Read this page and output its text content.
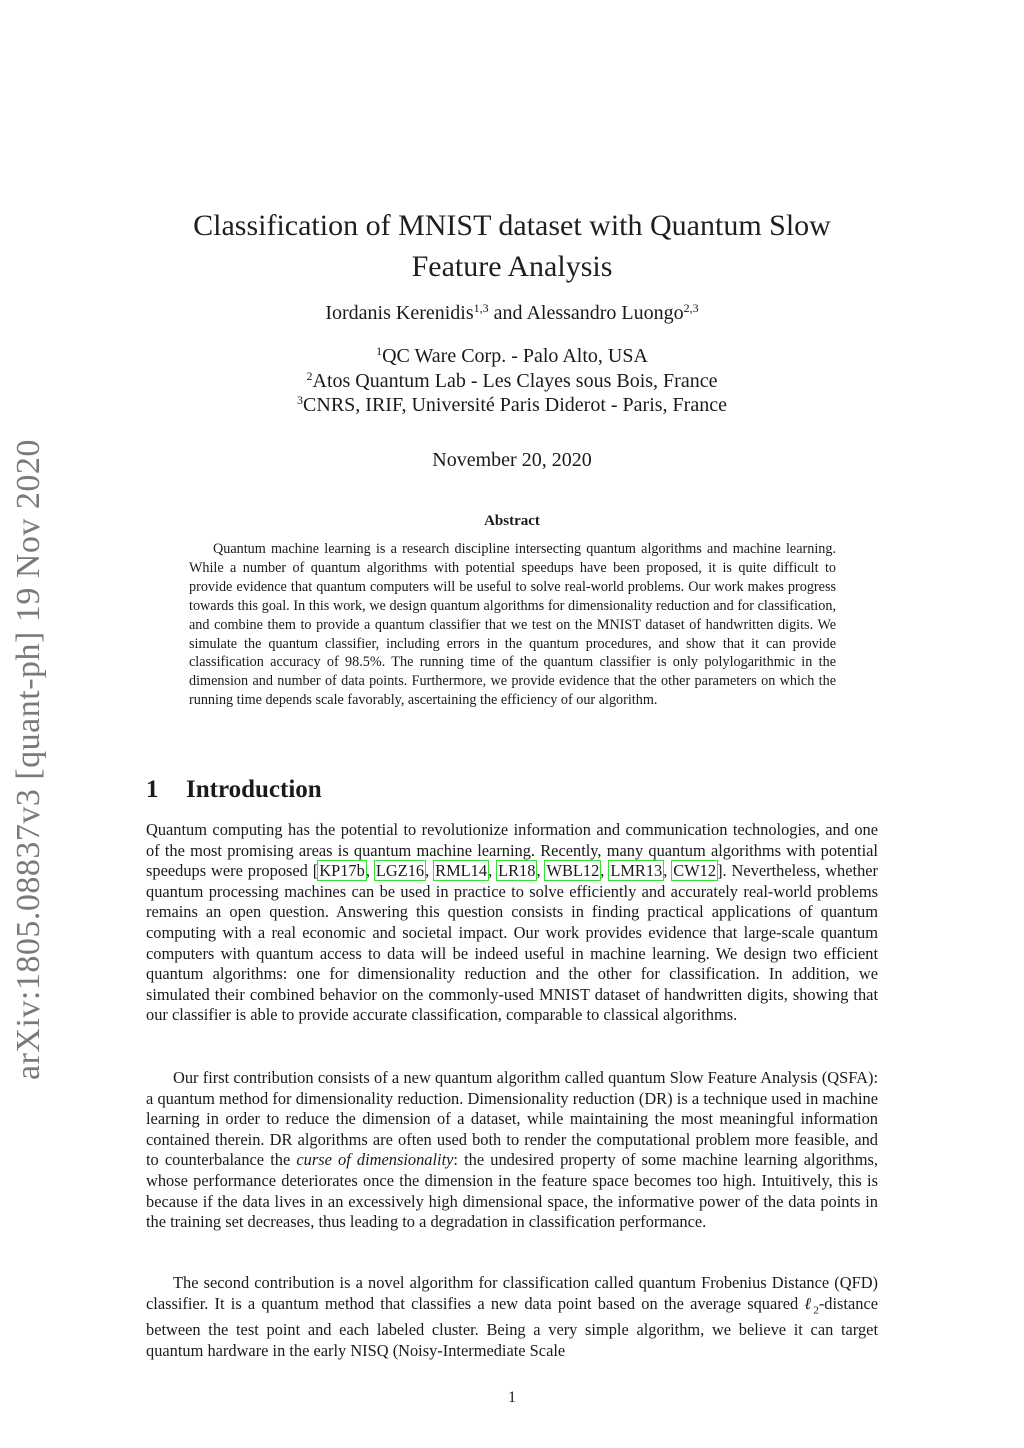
arXiv:1805.08837v3 [quant-ph] 19 Nov 2020
Classification of MNIST dataset with Quantum Slow Feature Analysis
Iordanis Kerenidis$^{1,3}$ and Alessandro Luongo$^{2,3}$
$^1$QC Ware Corp. - Palo Alto, USA
$^2$Atos Quantum Lab - Les Clayes sous Bois, France
$^3$CNRS, IRIF, Université Paris Diderot - Paris, France
November 20, 2020
Abstract

Quantum machine learning is a research discipline intersecting quantum algorithms and machine learning. While a number of quantum algorithms with potential speedups have been proposed, it is quite difficult to provide evidence that quantum computers will be useful to solve real-world problems. Our work makes progress towards this goal. In this work, we design quantum algorithms for dimensionality reduction and for classification, and combine them to provide a quantum classifier that we test on the MNIST dataset of handwritten digits. We simulate the quantum classifier, including errors in the quantum procedures, and show that it can provide classification accuracy of 98.5%. The running time of the quantum classifier is only polylogarithmic in the dimension and number of data points. Furthermore, we provide evidence that the other parameters on which the running time depends scale favorably, ascertaining the efficiency of our algorithm.

1 Introduction

Quantum computing has the potential to revolutionize information and communication technologies, and one of the most promising areas is quantum machine learning. Recently, many quantum algorithms with potential speedups were proposed [KP17b, LGZ16, RML14, LR18, WBL12, LMR13, CW12]. Nevertheless, whether quantum processing machines can be used in practice to solve efficiently and accurately real-world problems remains an open question. Answering this question consists in finding practical applications of quantum computing with a real economic and societal impact. Our work provides evidence that large-scale quantum computers with quantum access to data will be indeed useful in machine learning. We design two efficient quantum algorithms: one for dimensionality reduction and the other for classification. In addition, we simulated their combined behavior on the commonly-used MNIST dataset of handwritten digits, showing that our classifier is able to provide accurate classification, comparable to classical algorithms.

Our first contribution consists of a new quantum algorithm called quantum Slow Feature Analysis (QSFA): a quantum method for dimensionality reduction. Dimensionality reduction (DR) is a technique used in machine learning in order to reduce the dimension of a dataset, while maintaining the most meaningful information contained therein. DR algorithms are often used both to render the computational problem more feasible, and to counterbalance the curse of dimensionality: the undesired property of some machine learning algorithms, whose performance deteriorates once the dimension in the feature space becomes too high. Intuitively, this is because if the data lives in an excessively high dimensional space, the informative power of the data points in the training set decreases, thus leading to a degradation in classification performance.

The second contribution is a novel algorithm for classification called quantum Frobenius Distance (QFD) classifier. It is a quantum method that classifies a new data point based on the average squared ℓ$_2$-distance between the test point and each labeled cluster. Being a very simple algorithm, we believe it can target quantum hardware in the early NISQ (Noisy-Intermediate Scale

1
